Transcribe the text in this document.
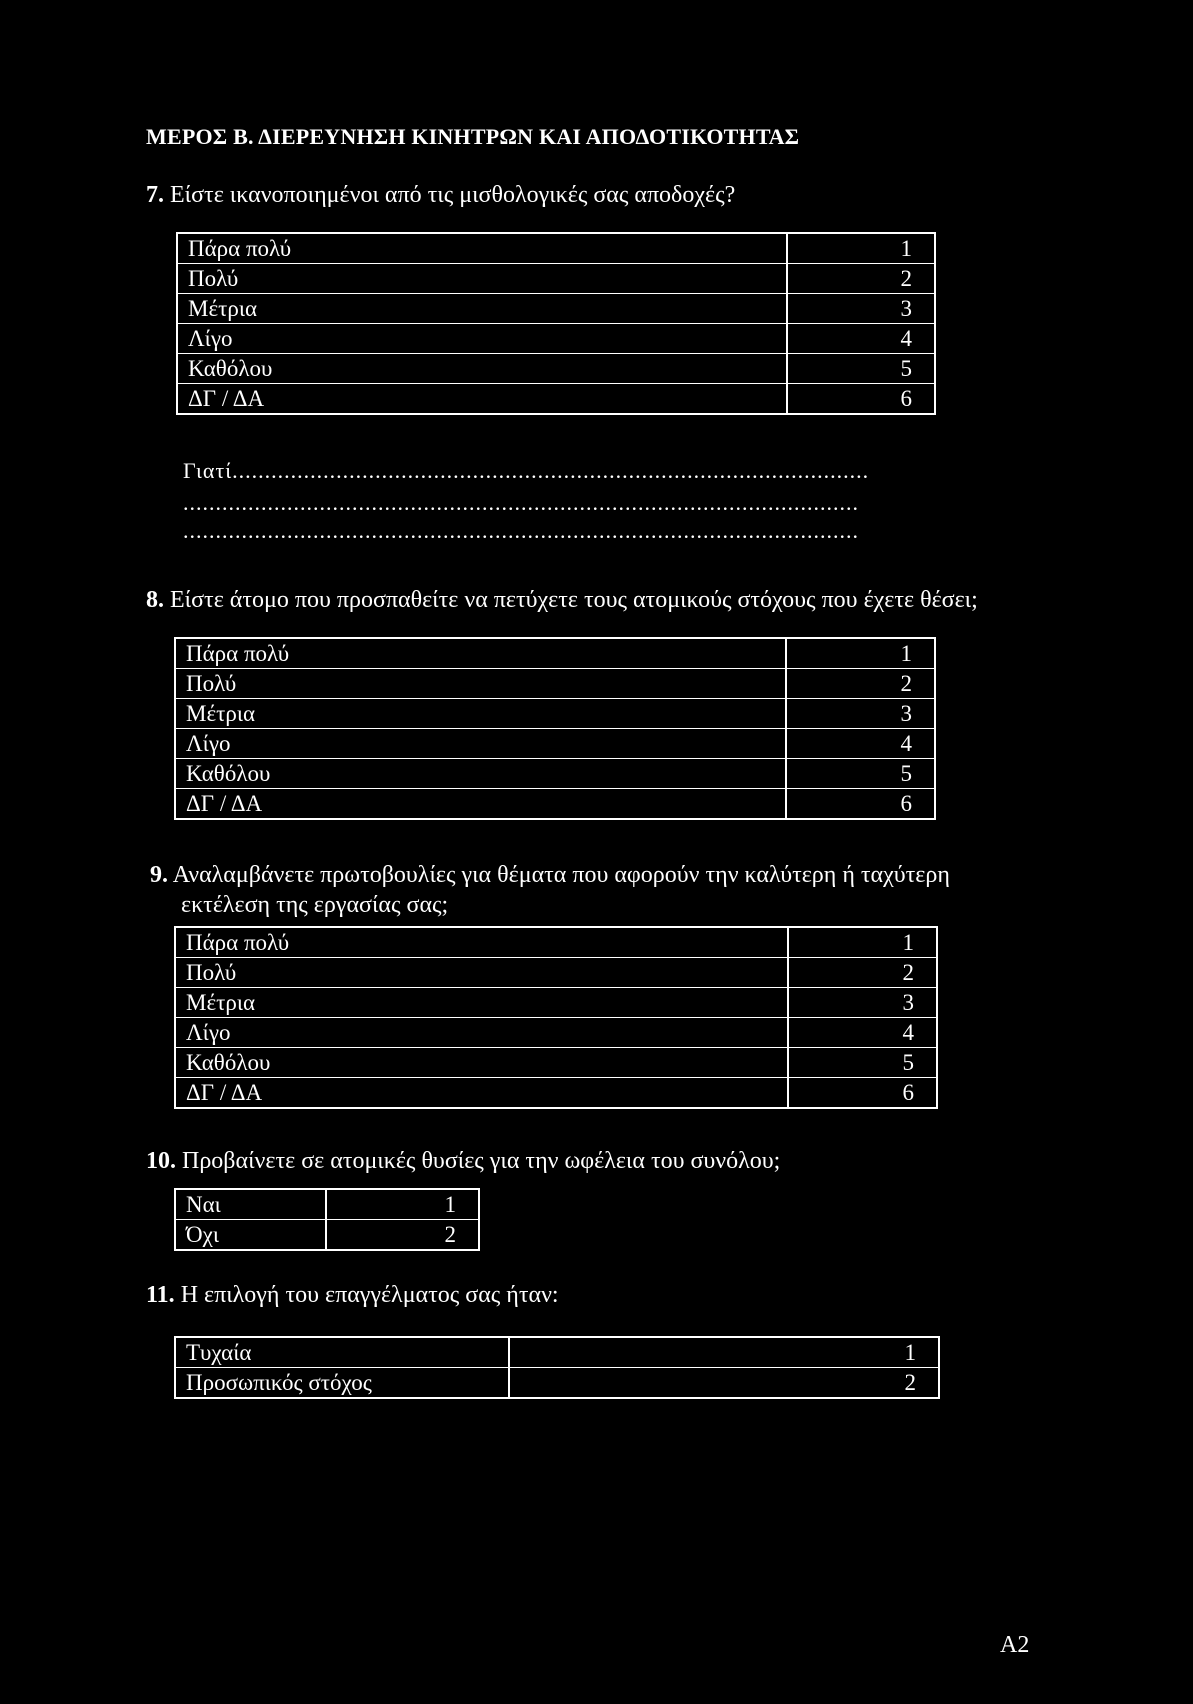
ΜΕΡΟΣ Β. ΔΙΕΡΕΥΝΗΣΗ ΚΙΝΗΤΡΩΝ ΚΑΙ ΑΠΟΔΟΤΙΚΟΤΗΤΑΣ
7. Είστε ικανοποιημένοι από τις μισθολογικές σας αποδοχές?
Πάρα πολύ	1
Πολύ	2
Μέτρια	3
Λίγο	4
Καθόλου	5
ΔΓ / ΔΑ	6
Γιατί..................................................................................................
........................................................................................................
........................................................................................................
8. Είστε άτομο που προσπαθείτε να πετύχετε τους ατομικούς στόχους που έχετε θέσει;
Πάρα πολύ	1
Πολύ	2
Μέτρια	3
Λίγο	4
Καθόλου	5
ΔΓ / ΔΑ	6
9. Αναλαμβάνετε πρωτοβουλίες για θέματα που αφορούν την καλύτερη ή ταχύτερη
εκτέλεση της εργασίας σας;
Πάρα πολύ	1
Πολύ	2
Μέτρια	3
Λίγο	4
Καθόλου	5
ΔΓ / ΔΑ	6
10. Προβαίνετε σε ατομικές θυσίες για την ωφέλεια του συνόλου;
Ναι	1
Όχι	2
11. Η επιλογή του επαγγέλματος σας ήταν:
Τυχαία	1
Προσωπικός στόχος	2
A2
